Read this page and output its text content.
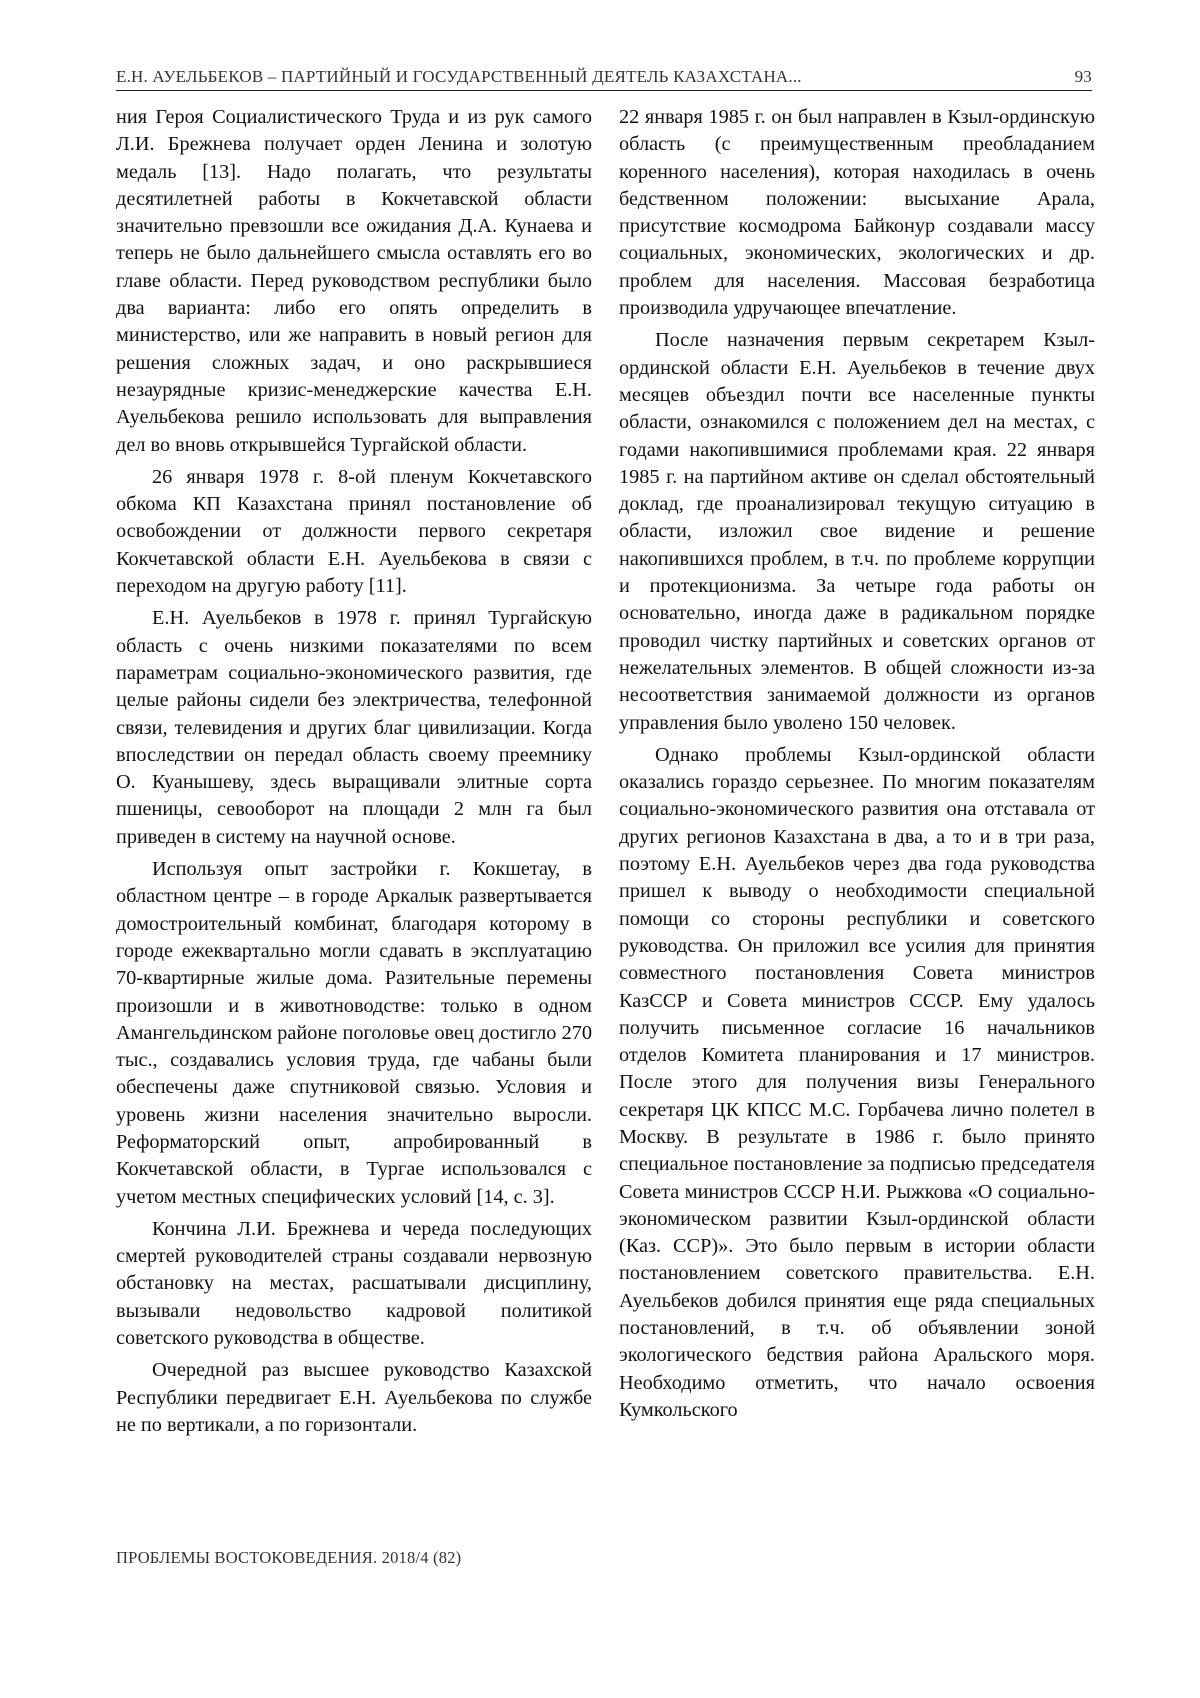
Е.Н. АУЕЛЬБЕКОВ – ПАРТИЙНЫЙ И ГОСУДАРСТВЕННЫЙ ДЕЯТЕЛЬ КАЗАХСТАНА...	93

ния Героя Социалистического Труда и из рук самого Л.И. Брежнева получает орден Ленина и золотую медаль [13]. Надо полагать, что результаты десятилетней работы в Кокчетавской области значительно превзошли все ожидания Д.А. Кунаева и теперь не было дальнейшего смысла оставлять его во главе области. Перед руководством республики было два варианта: либо его опять определить в министерство, или же направить в новый регион для решения сложных задач, и оно раскрывшиеся незаурядные кризис-менеджерские качества Е.Н. Ауельбекова решило использовать для выправления дел во вновь открывшейся Тургайской области.

26 января 1978 г. 8-ой пленум Кокчетавского обкома КП Казахстана принял постановление об освобождении от должности первого секретаря Кокчетавской области Е.Н. Ауельбекова в связи с переходом на другую работу [11].

Е.Н. Ауельбеков в 1978 г. принял Тургайскую область с очень низкими показателями по всем параметрам социально-экономического развития, где целые районы сидели без электричества, телефонной связи, телевидения и других благ цивилизации. Когда впоследствии он передал область своему преемнику О. Куанышеву, здесь выращивали элитные сорта пшеницы, севооборот на площади 2 млн га был приведен в систему на научной основе.

Используя опыт застройки г. Кокшетау, в областном центре – в городе Аркалык развертывается домостроительный комбинат, благодаря которому в городе ежеквартально могли сдавать в эксплуатацию 70-квартирные жилые дома. Разительные перемены произошли и в животноводстве: только в одном Амангельдинском районе поголовье овец достигло 270 тыс., создавались условия труда, где чабаны были обеспечены даже спутниковой связью. Условия и уровень жизни населения значительно выросли. Реформаторский опыт, апробированный в Кокчетавской области, в Тургае использовался с учетом местных специфических условий [14, с. 3].

Кончина Л.И. Брежнева и череда последующих смертей руководителей страны создавали нервозную обстановку на местах, расшатывали дисциплину, вызывали недовольство кадровой политикой советского руководства в обществе.

Очередной раз высшее руководство Казахской Республики передвигает Е.Н. Ауельбекова по службе не по вертикали, а по горизонтали.

22 января 1985 г. он был направлен в Кзыл-ординскую область (с преимущественным преобладанием коренного населения), которая находилась в очень бедственном положении: высыхание Арала, присутствие космодрома Байконур создавали массу социальных, экономических, экологических и др. проблем для населения. Массовая безработица производила удручающее впечатление.

После назначения первым секретарем Кзыл-ординской области Е.Н. Ауельбеков в течение двух месяцев объездил почти все населенные пункты области, ознакомился с положением дел на местах, с годами накопившимися проблемами края. 22 января 1985 г. на партийном активе он сделал обстоятельный доклад, где проанализировал текущую ситуацию в области, изложил свое видение и решение накопившихся проблем, в т.ч. по проблеме коррупции и протекционизма. За четыре года работы он основательно, иногда даже в радикальном порядке проводил чистку партийных и советских органов от нежелательных элементов. В общей сложности из-за несоответствия занимаемой должности из органов управления было уволено 150 человек.

Однако проблемы Кзыл-ординской области оказались гораздо серьезнее. По многим показателям социально-экономического развития она отставала от других регионов Казахстана в два, а то и в три раза, поэтому Е.Н. Ауельбеков через два года руководства пришел к выводу о необходимости специальной помощи со стороны республики и советского руководства. Он приложил все усилия для принятия совместного постановления Совета министров КазССР и Совета министров СССР. Ему удалось получить письменное согласие 16 начальников отделов Комитета планирования и 17 министров. После этого для получения визы Генерального секретаря ЦК КПСС М.С. Горбачева лично полетел в Москву. В результате в 1986 г. было принято специальное постановление за подписью председателя Совета министров СССР Н.И. Рыжкова «О социально-экономическом развитии Кзыл-ординской области (Каз. ССР)». Это было первым в истории области постановлением советского правительства. Е.Н. Ауельбеков добился принятия еще ряда специальных постановлений, в т.ч. об объявлении зоной экологического бедствия района Аральского моря. Необходимо отметить, что начало освоения Кумкольского

ПРОБЛЕМЫ ВОСТОКОВЕДЕНИЯ. 2018/4 (82)
